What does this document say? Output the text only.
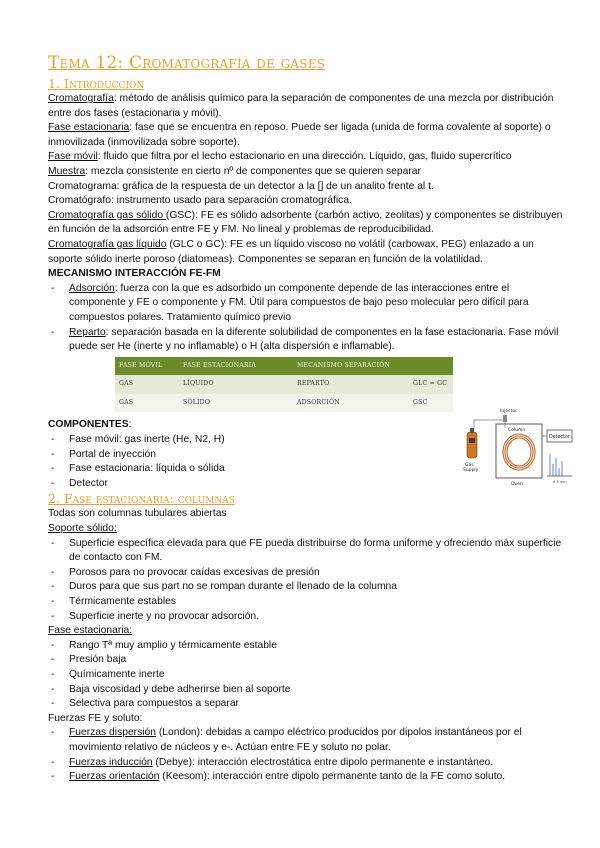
Tema 12: Cromatografía de gases
1. Introducción

Cromatografía: método de análisis químico para la separación de componentes de una mezcla por distribución entre dos fases (estacionaria y móvil).

Fase estacionaria: fase que se encuentra en reposo. Puede ser ligada (unida de forma covalente al soporte) o inmovilizada (inmovilizada sobre soporte).

Fase móvil: fluido que filtra por el lecho estacionario en una dirección. Líquido, gas, fluido supercrítico

Muestra: mezcla consistente en cierto nº de componentes que se quieren separar

Cromatograma: gráfica de la respuesta de un detector a la [] de un analito frente al t.

Cromatógrafo: instrumento usado para separación cromatográfica.

Cromatografía gas sólido (GSC): FE es sólido adsorbente (carbón activo, zeolitas) y componentes se distribuyen en función de la adsorción entre FE y FM. No lineal y problemas de reproducibilidad.

Cromatografía gas líquido (GLC o GC): FE es un líquido viscoso no volátil (carbowax, PEG) enlazado a un soporte sólido inerte poroso (diatomeas). Componentes se separan en función de la volatilidad.

MECANISMO INTERACCIÓN FE-FM

- Adsorción: fuerza con la que es adsorbido un componente depende de las interacciones entre el componente y FE o componente y FM. Útil para compuestos de bajo peso molecular pero difícil para compuestos polares. Tratamiento químico previo
- Reparto: separación basada en la diferente solubilidad de componentes en la fase estacionaria. Fase móvil puede ser He (inerte y no inflamable) o H (alta dispersión e inflamable).
FASE MÓVIL	FASE ESTACIONARIA	MECANISMO SEPARACIÓN	
GAS	LÍQUIDO	REPARTO	GLC = GC
GAS	SÓLIDO	ADSORCIÓN	GSC

COMPONENTES:

- Fase móvil: gas inerte (He, N2, H)
- Portal de inyección
- Fase estacionaria: líquida o sólida
- Detector
Gas
Supply
Injector
Column
Oven
Detector
4 5 min
2. Fase estacionaria: columnas

Todas son columnas tubulares abiertas

Soporte sólido:

- Superficie específica elevada para que FE pueda distribuirse do forma uniforme y ofreciendo máx superficie de contacto con FM.
- Porosos para no provocar caídas excesivas de presión
- Duros para que sus part no se rompan durante el llenado de la columna
- Térmicamente estables
- Superficie inerte y no provocar adsorción.

Fase estacionaria:

- Rango Tª muy amplio y térmicamente estable
- Presión baja
- Químicamente inerte
- Baja viscosidad y debe adherirse bien al soporte
- Selectiva para compuestos a separar

Fuerzas FE y soluto:

- Fuerzas dispersión (London): debidas a campo eléctrico producidos por dipolos instantáneos por el movimiento relativo de núcleos y e-. Actúan entre FE y soluto no polar.
- Fuerzas inducción (Debye): interacción electrostática entre dipolo permanente e instantáneo.
- Fuerzas orientación (Keesom): interacción entre dipolo permanente tanto de la FE como soluto.
